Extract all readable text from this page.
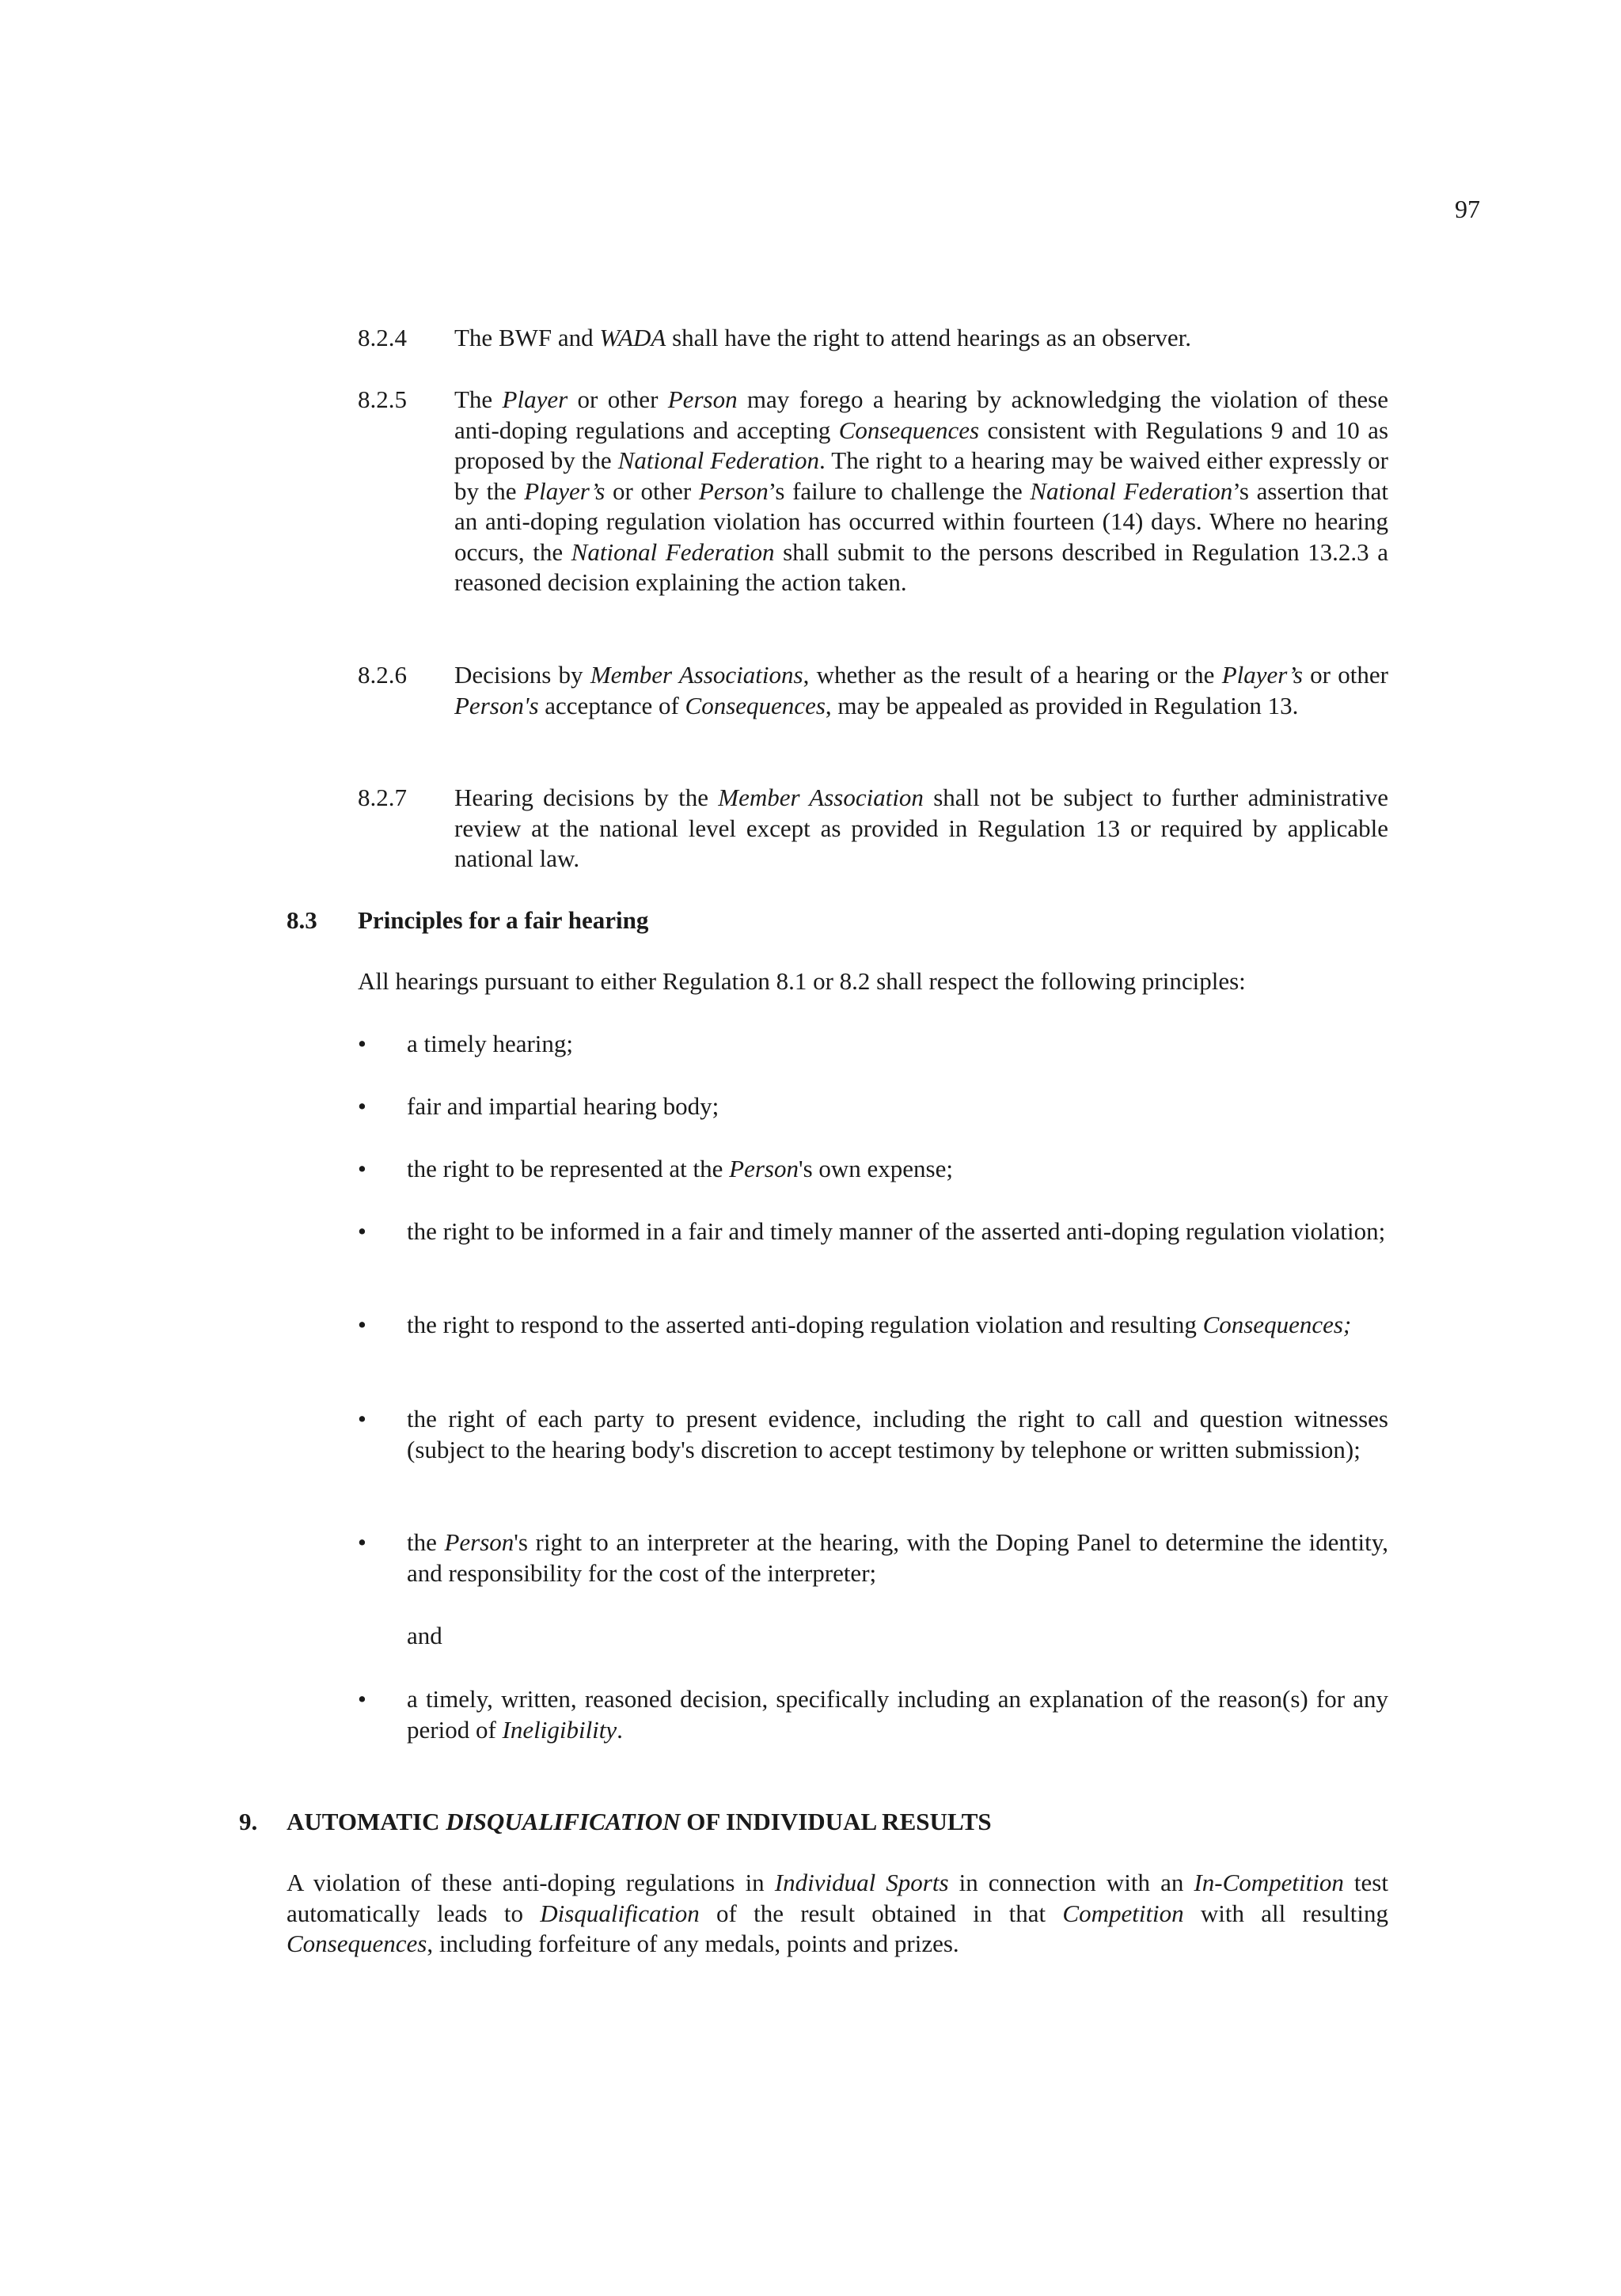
97
8.2.4 The BWF and WADA shall have the right to attend hearings as an observer.
8.2.5 The Player or other Person may forego a hearing by acknowledging the violation of these anti-doping regulations and accepting Consequences consistent with Regulations 9 and 10 as proposed by the National Federation. The right to a hearing may be waived either expressly or by the Player’s or other Person’s failure to challenge the National Federation’s assertion that an anti-doping regulation violation has occurred within fourteen (14) days. Where no hearing occurs, the National Federation shall submit to the persons described in Regulation 13.2.3 a reasoned decision explaining the action taken.
8.2.6 Decisions by Member Associations, whether as the result of a hearing or the Player’s or other Person's acceptance of Consequences, may be appealed as provided in Regulation 13.
8.2.7 Hearing decisions by the Member Association shall not be subject to further administrative review at the national level except as provided in Regulation 13 or required by applicable national law.
8.3 Principles for a fair hearing
All hearings pursuant to either Regulation 8.1 or 8.2 shall respect the following principles:
• a timely hearing;
• fair and impartial hearing body;
• the right to be represented at the Person's own expense;
• the right to be informed in a fair and timely manner of the asserted anti-doping regulation violation;
• the right to respond to the asserted anti-doping regulation violation and resulting Consequences;
• the right of each party to present evidence, including the right to call and question witnesses (subject to the hearing body's discretion to accept testimony by telephone or written submission);
• the Person's right to an interpreter at the hearing, with the Doping Panel to determine the identity, and responsibility for the cost of the interpreter;
and
• a timely, written, reasoned decision, specifically including an explanation of the reason(s) for any period of Ineligibility.
9. AUTOMATIC DISQUALIFICATION OF INDIVIDUAL RESULTS
A violation of these anti-doping regulations in Individual Sports in connection with an In-Competition test automatically leads to Disqualification of the result obtained in that Competition with all resulting Consequences, including forfeiture of any medals, points and prizes.
